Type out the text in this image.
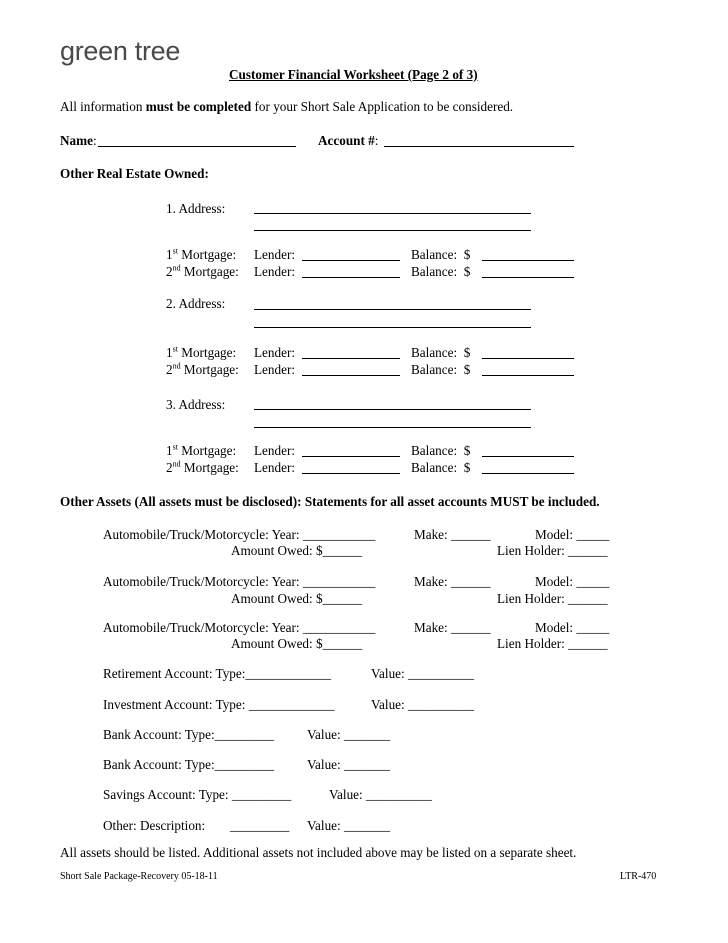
green tree
Customer Financial Worksheet (Page 2 of 3)
All information must be completed for your Short Sale Application to be considered.
Name:	Account #:
Other Real Estate Owned:
1. Address:
1st Mortgage: Lender:	Balance: $
2nd Mortgage: Lender:	Balance: $
2. Address:
1st Mortgage: Lender:	Balance: $
2nd Mortgage: Lender:	Balance: $
3. Address:
1st Mortgage: Lender:	Balance: $
2nd Mortgage: Lender:	Balance: $
Other Assets (All assets must be disclosed): Statements for all asset accounts MUST be included.
Automobile/Truck/Motorcycle: Year: ___________	Make: ______	Model: _____
Amount Owed: $______	Lien Holder: ______
Automobile/Truck/Motorcycle: Year: ___________	Make: ______	Model: _____
Amount Owed: $______	Lien Holder: ______
Automobile/Truck/Motorcycle: Year: ___________	Make: ______	Model: _____
Amount Owed: $______	Lien Holder: ______
Retirement Account: Type:_____________	Value: __________
Investment Account: Type: _____________	Value: __________
Bank Account: Type:_________	Value: _______
Bank Account: Type:_________	Value: _______
Savings Account: Type: _________	Value: __________
Other: Description: _________ Value: _______
All assets should be listed. Additional assets not included above may be listed on a separate sheet.
Short Sale Package-Recovery 05-18-11	LTR-470
